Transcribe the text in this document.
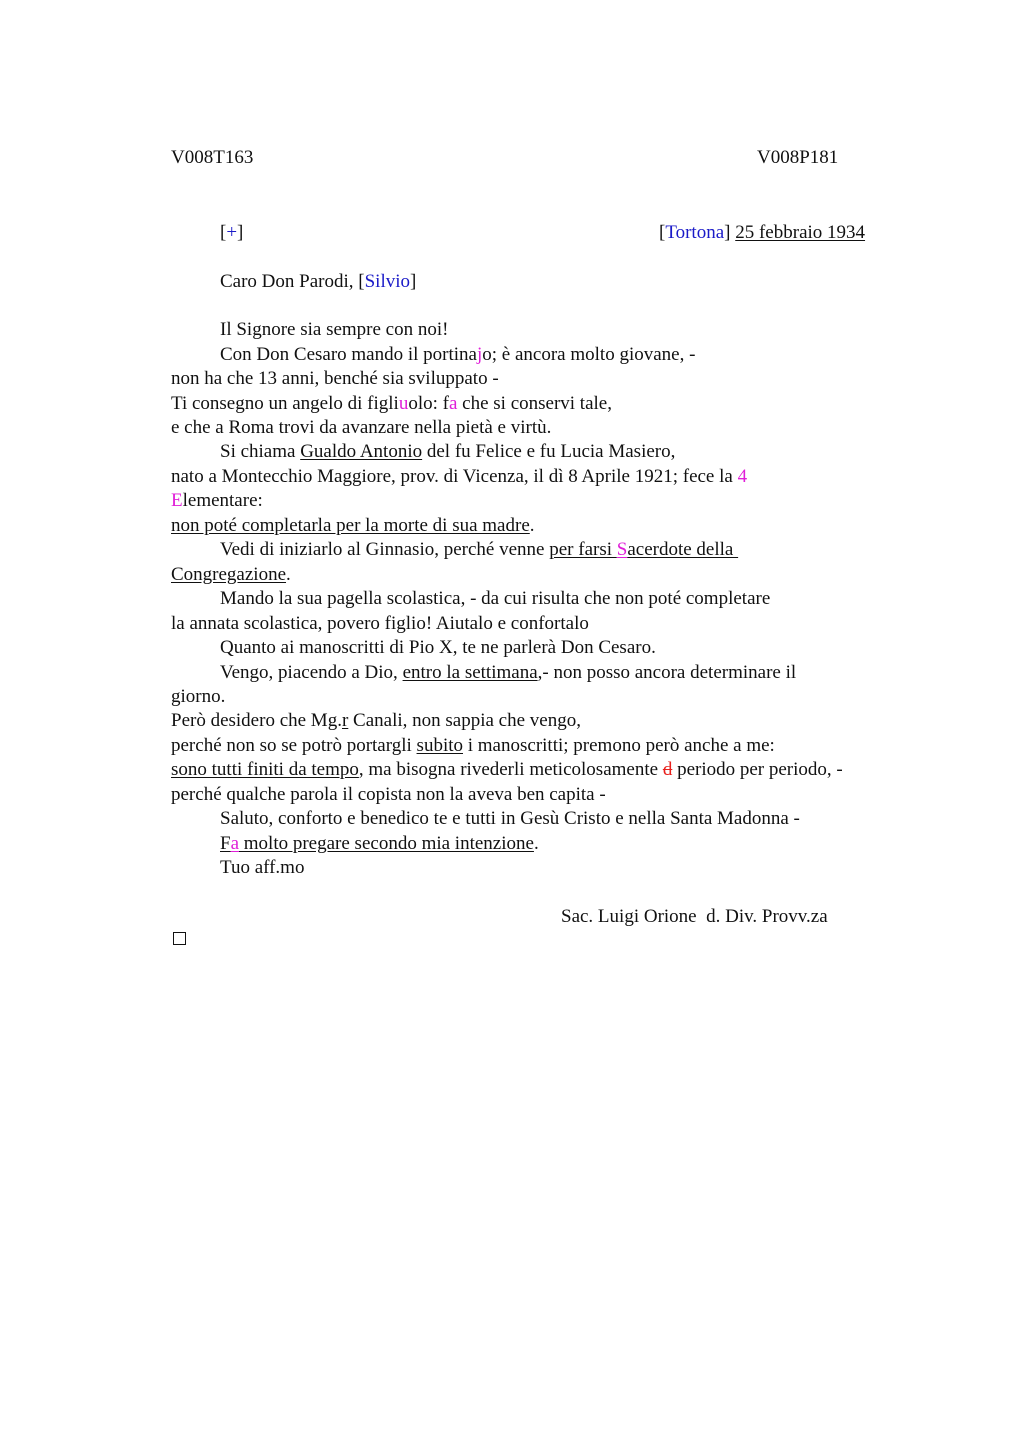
V008T163	V008P181
[+]	[Tortona] 25 febbraio 1934
Caro Don Parodi, [Silvio]
Il Signore sia sempre con noi!
Con Don Cesaro mando il portinajo; è ancora molto giovane, -
non ha che 13 anni, benché sia sviluppato -
Ti consegno un angelo di figliuolo: fa che si conservi tale,
e che a Roma trovi da avanzare nella pietà e virtù.
Si chiama Gualdo Antonio del fu Felice e fu Lucia Masiero,
nato a Montecchio Maggiore, prov. di Vicenza, il dì 8 Aprile 1921; fece la 4
Elementare:
non poté completarla per la morte di sua madre.
Vedi di iniziarlo al Ginnasio, perché venne per farsi Sacerdote della
Congregazione.
Mando la sua pagella scolastica, - da cui risulta che non poté completare
la annata scolastica, povero figlio! Aiutalo e confortalo
Quanto ai manoscritti di Pio X, te ne parlerà Don Cesaro.
Vengo, piacendo a Dio, entro la settimana,- non posso ancora determinare il
giorno.
Però desidero che Mg.r Canali, non sappia che vengo,
perché non so se potrò portargli subito i manoscritti; premono però anche a me:
sono tutti finiti da tempo, ma bisogna rivederli meticolosamente d periodo per periodo, -
perché qualche parola il copista non la aveva ben capita -
Saluto, conforto e benedico te e tutti in Gesù Cristo e nella Santa Madonna -
Fa molto pregare secondo mia intenzione.
Tuo aff.mo
Sac. Luigi Orione  d. Div. Provv.za
